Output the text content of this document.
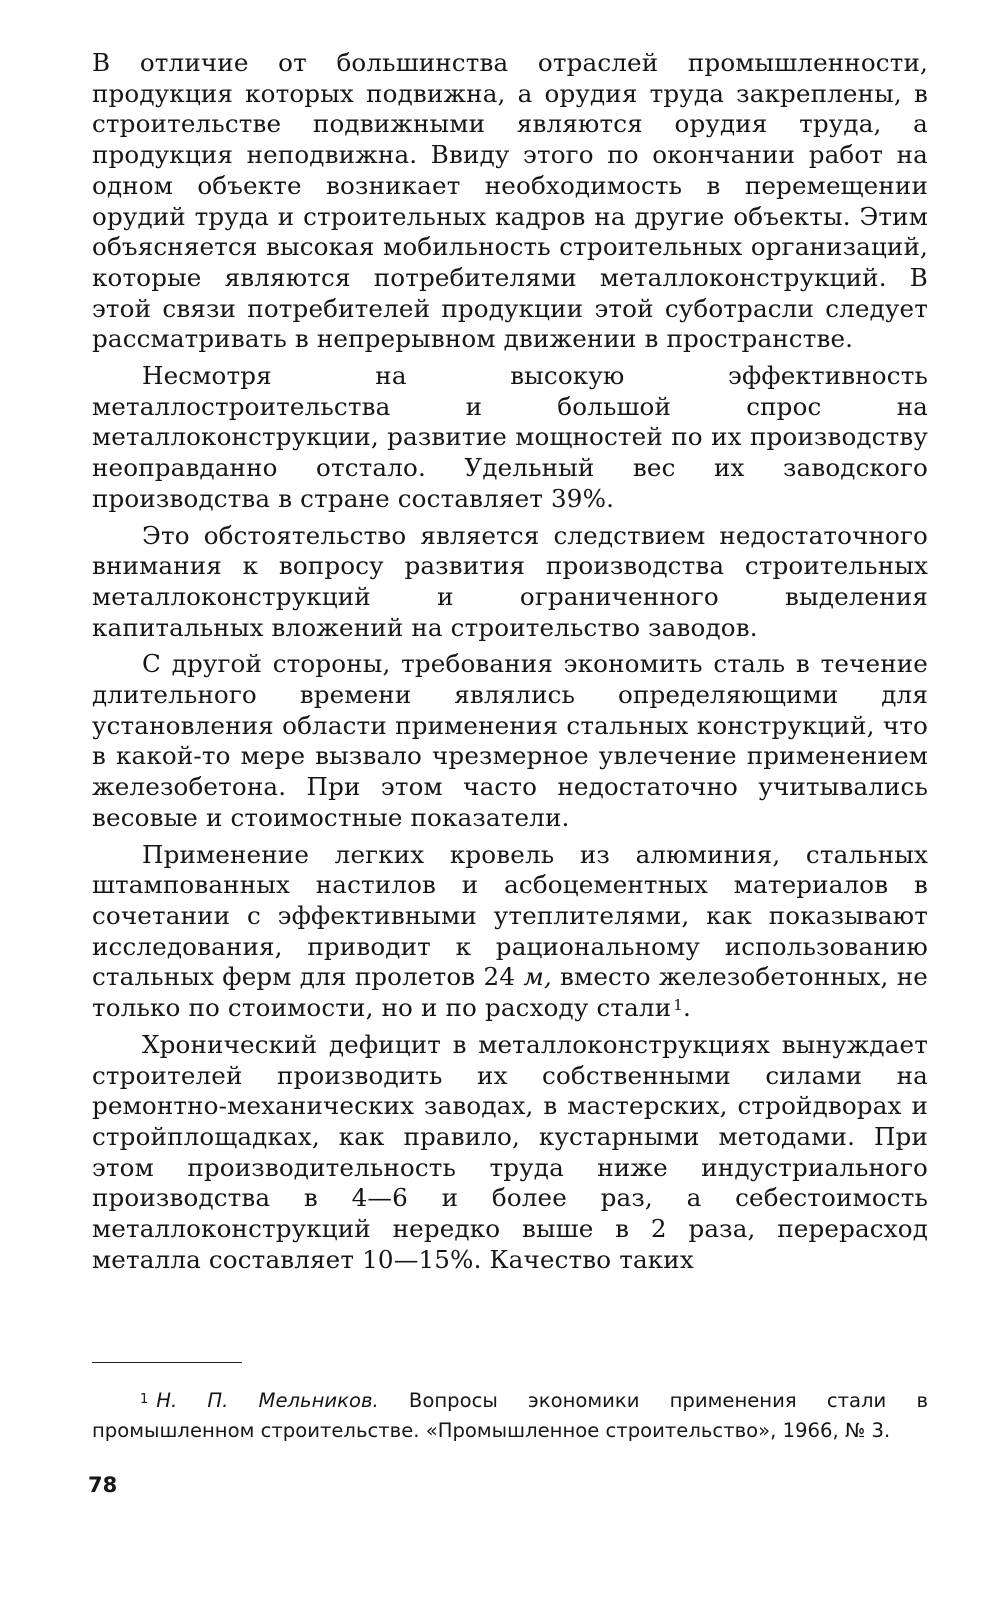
В отличие от большинства отраслей промышленности, продукция которых подвижна, а орудия труда закреплены, в строительстве подвижными являются орудия труда, а продукция неподвижна. Ввиду этого по окончании работ на одном объекте возникает необходимость в перемещении орудий труда и строительных кадров на другие объекты. Этим объясняется высокая мобильность строительных организаций, которые являются потребителями металлоконструкций. В этой связи потребителей продукции этой суботрасли следует рассматривать в непрерывном движении в пространстве.

Несмотря на высокую эффективность металлостроительства и большой спрос на металлоконструкции, развитие мощностей по их производству неоправданно отстало. Удельный вес их заводского производства в стране составляет 39%.

Это обстоятельство является следствием недостаточного внимания к вопросу развития производства строительных металлоконструкций и ограниченного выделения капитальных вложений на строительство заводов.

С другой стороны, требования экономить сталь в течение длительного времени являлись определяющими для установления области применения стальных конструкций, что в какой-то мере вызвало чрезмерное увлечение применением железобетона. При этом часто недостаточно учитывались весовые и стоимостные показатели.

Применение легких кровель из алюминия, стальных штампованных настилов и асбоцементных материалов в сочетании с эффективными утеплителями, как показывают исследования, приводит к рациональному использованию стальных ферм для пролетов 24 м, вместо железобетонных, не только по стоимости, но и по расходу стали $^1$.

Хронический дефицит в металлоконструкциях вынуждает строителей производить их собственными силами на ремонтно-механических заводах, в мастерских, стройдворах и стройплощадках, как правило, кустарными методами. При этом производительность труда ниже индустриального производства в 4—6 и более раз, а себестоимость металлоконструкций нередко выше в 2 раза, перерасход металла составляет 10—15%. Качество таких

$^1$ Н. П. Мельников. Вопросы экономики применения стали в промышленном строительстве. «Промышленное строительство», 1966, № 3.
78
